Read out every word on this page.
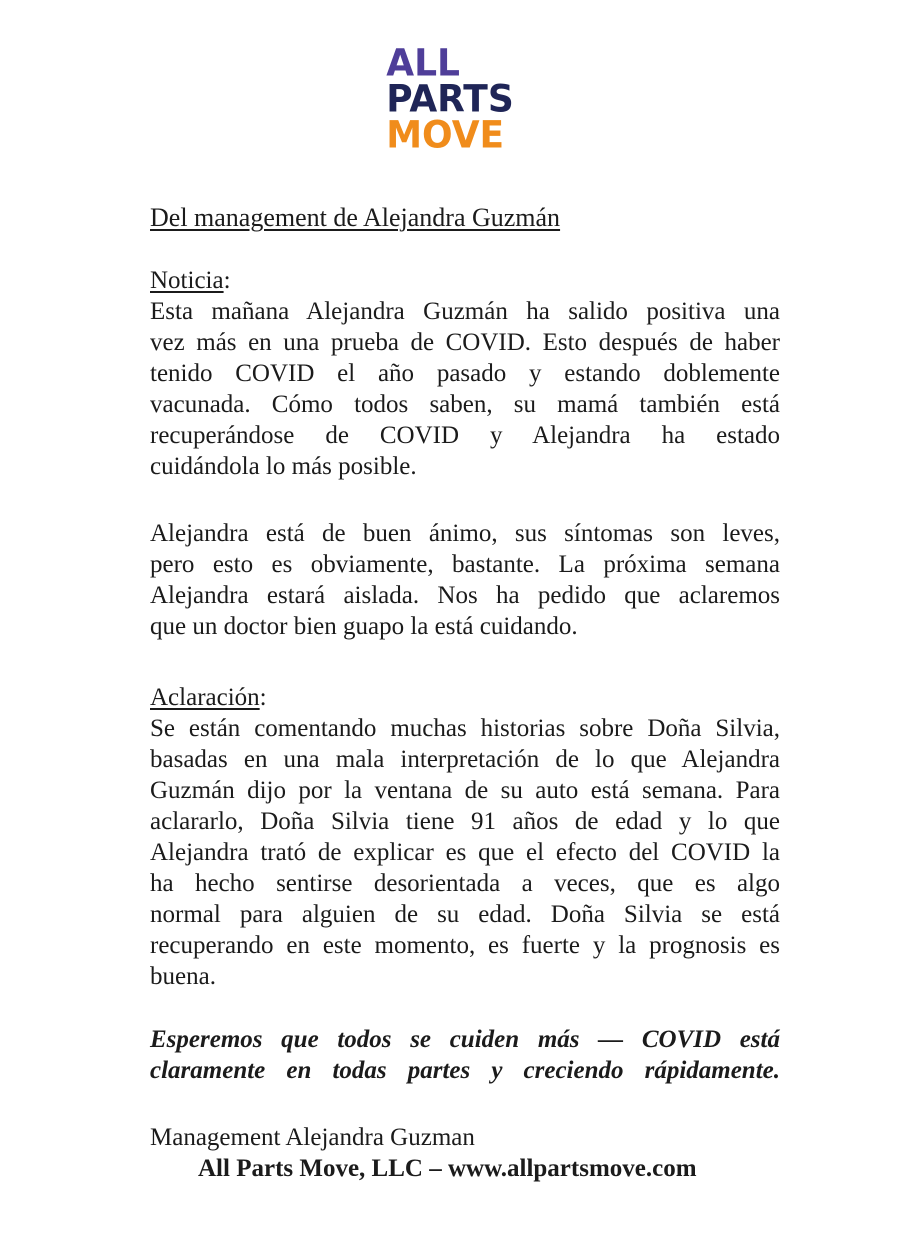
ALL
PARTS
MOVE
Del management de Alejandra Guzmán
Noticia:
Esta mañana Alejandra Guzmán ha salido positiva una
vez más en una prueba de COVID. Esto después de haber
tenido COVID el año pasado y estando doblemente
vacunada. Cómo todos saben, su mamá también está
recuperándose de COVID y Alejandra ha estado
cuidándola lo más posible.
Alejandra está de buen ánimo, sus síntomas son leves,
pero esto es obviamente, bastante. La próxima semana
Alejandra estará aislada. Nos ha pedido que aclaremos
que un doctor bien guapo la está cuidando.
Aclaración:
Se están comentando muchas historias sobre Doña Silvia,
basadas en una mala interpretación de lo que Alejandra
Guzmán dijo por la ventana de su auto está semana. Para
aclararlo, Doña Silvia tiene 91 años de edad y lo que
Alejandra trató de explicar es que el efecto del COVID la
ha hecho sentirse desorientada a veces, que es algo
normal para alguien de su edad. Doña Silvia se está
recuperando en este momento, es fuerte y la prognosis es
buena.
Esperemos que todos se cuiden más — COVID está
claramente en todas partes y creciendo rápidamente.
Management Alejandra Guzman
All Parts Move, LLC – www.allpartsmove.com
